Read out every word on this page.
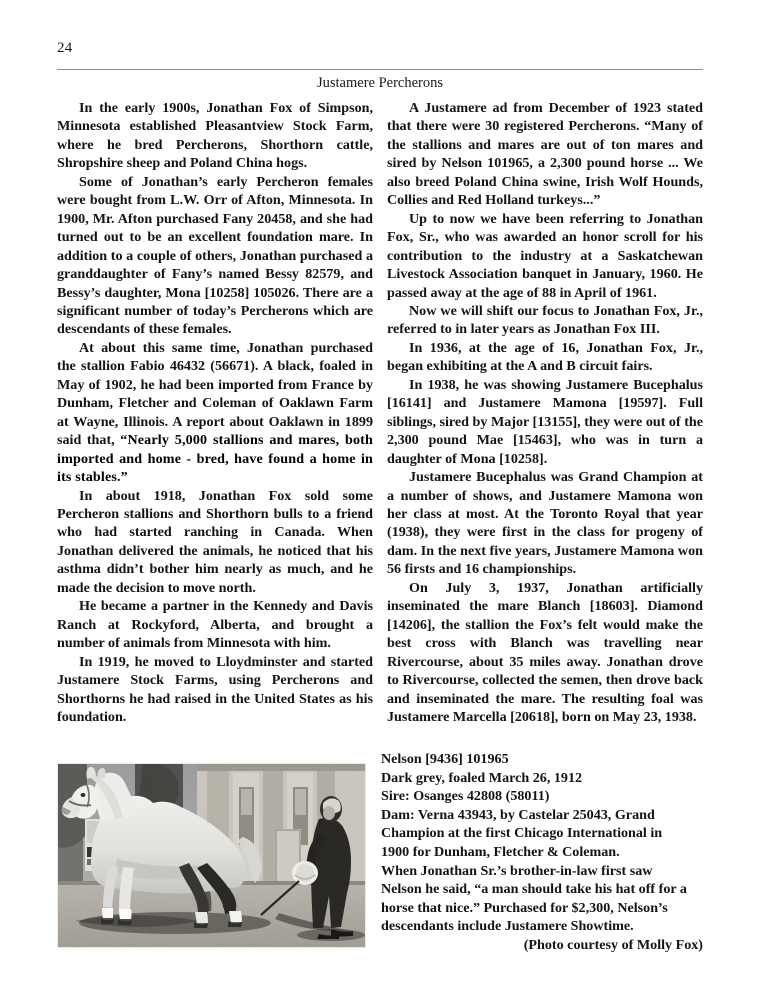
24
Justamere Percherons

In the early 1900s, Jonathan Fox of Simpson, Minnesota established Pleasantview Stock Farm, where he bred Percherons, Shorthorn cattle, Shropshire sheep and Poland China hogs.

Some of Jonathan’s early Percheron females were bought from L.W. Orr of Afton, Minnesota. In 1900, Mr. Afton purchased Fany 20458, and she had turned out to be an excellent foundation mare. In addition to a couple of others, Jonathan purchased a granddaughter of Fany’s named Bessy 82579, and Bessy’s daughter, Mona [10258] 105026. There are a significant number of today’s Percherons which are descendants of these females.

At about this same time, Jonathan purchased the stallion Fabio 46432 (56671). A black, foaled in May of 1902, he had been imported from France by Dunham, Fletcher and Coleman of Oaklawn Farm at Wayne, Illinois. A report about Oaklawn in 1899 said that, “Nearly 5,000 stallions and mares, both imported and home - bred, have found a home in its stables.”

In about 1918, Jonathan Fox sold some Percheron stallions and Shorthorn bulls to a friend who had started ranching in Canada. When Jonathan delivered the animals, he noticed that his asthma didn’t bother him nearly as much, and he made the decision to move north.

He became a partner in the Kennedy and Davis Ranch at Rockyford, Alberta, and brought a number of animals from Minnesota with him.

In 1919, he moved to Lloydminster and started Justamere Stock Farms, using Percherons and Shorthorns he had raised in the United States as his foundation.

A Justamere ad from December of 1923 stated that there were 30 registered Percherons. “Many of the stallions and mares are out of ton mares and sired by Nelson 101965, a 2,300 pound horse ... We also breed Poland China swine, Irish Wolf Hounds, Collies and Red Holland turkeys...”

Up to now we have been referring to Jonathan Fox, Sr., who was awarded an honor scroll for his contribution to the industry at a Saskatchewan Livestock Association banquet in January, 1960. He passed away at the age of 88 in April of 1961.

Now we will shift our focus to Jonathan Fox, Jr., referred to in later years as Jonathan Fox III.

In 1936, at the age of 16, Jonathan Fox, Jr., began exhibiting at the A and B circuit fairs.

In 1938, he was showing Justamere Bucephalus [16141] and Justamere Mamona [19597]. Full siblings, sired by Major [13155], they were out of the 2,300 pound Mae [15463], who was in turn a daughter of Mona [10258].

Justamere Bucephalus was Grand Champion at a number of shows, and Justamere Mamona won her class at most. At the Toronto Royal that year (1938), they were first in the class for progeny of dam. In the next five years, Justamere Mamona won 56 firsts and 16 championships.

On July 3, 1937, Jonathan artificially inseminated the mare Blanch [18603]. Diamond [14206], the stallion the Fox’s felt would make the best cross with Blanch was travelling near Rivercourse, about 35 miles away. Jonathan drove to Rivercourse, collected the semen, then drove back and inseminated the mare. The resulting foal was Justamere Marcella [20618], born on May 23, 1938.

Nelson [9436] 101965
Dark grey, foaled March 26, 1912
Sire: Osanges 42808 (58011)
Dam: Verna 43943, by Castelar 25043, Grand
Champion at the first Chicago International in
1900 for Dunham, Fletcher & Coleman.
When Jonathan Sr.’s brother-in-law first saw
Nelson he said, “a man should take his hat off for a
horse that nice.” Purchased for $2,300, Nelson’s
descendants include Justamere Showtime.
(Photo courtesy of Molly Fox)
